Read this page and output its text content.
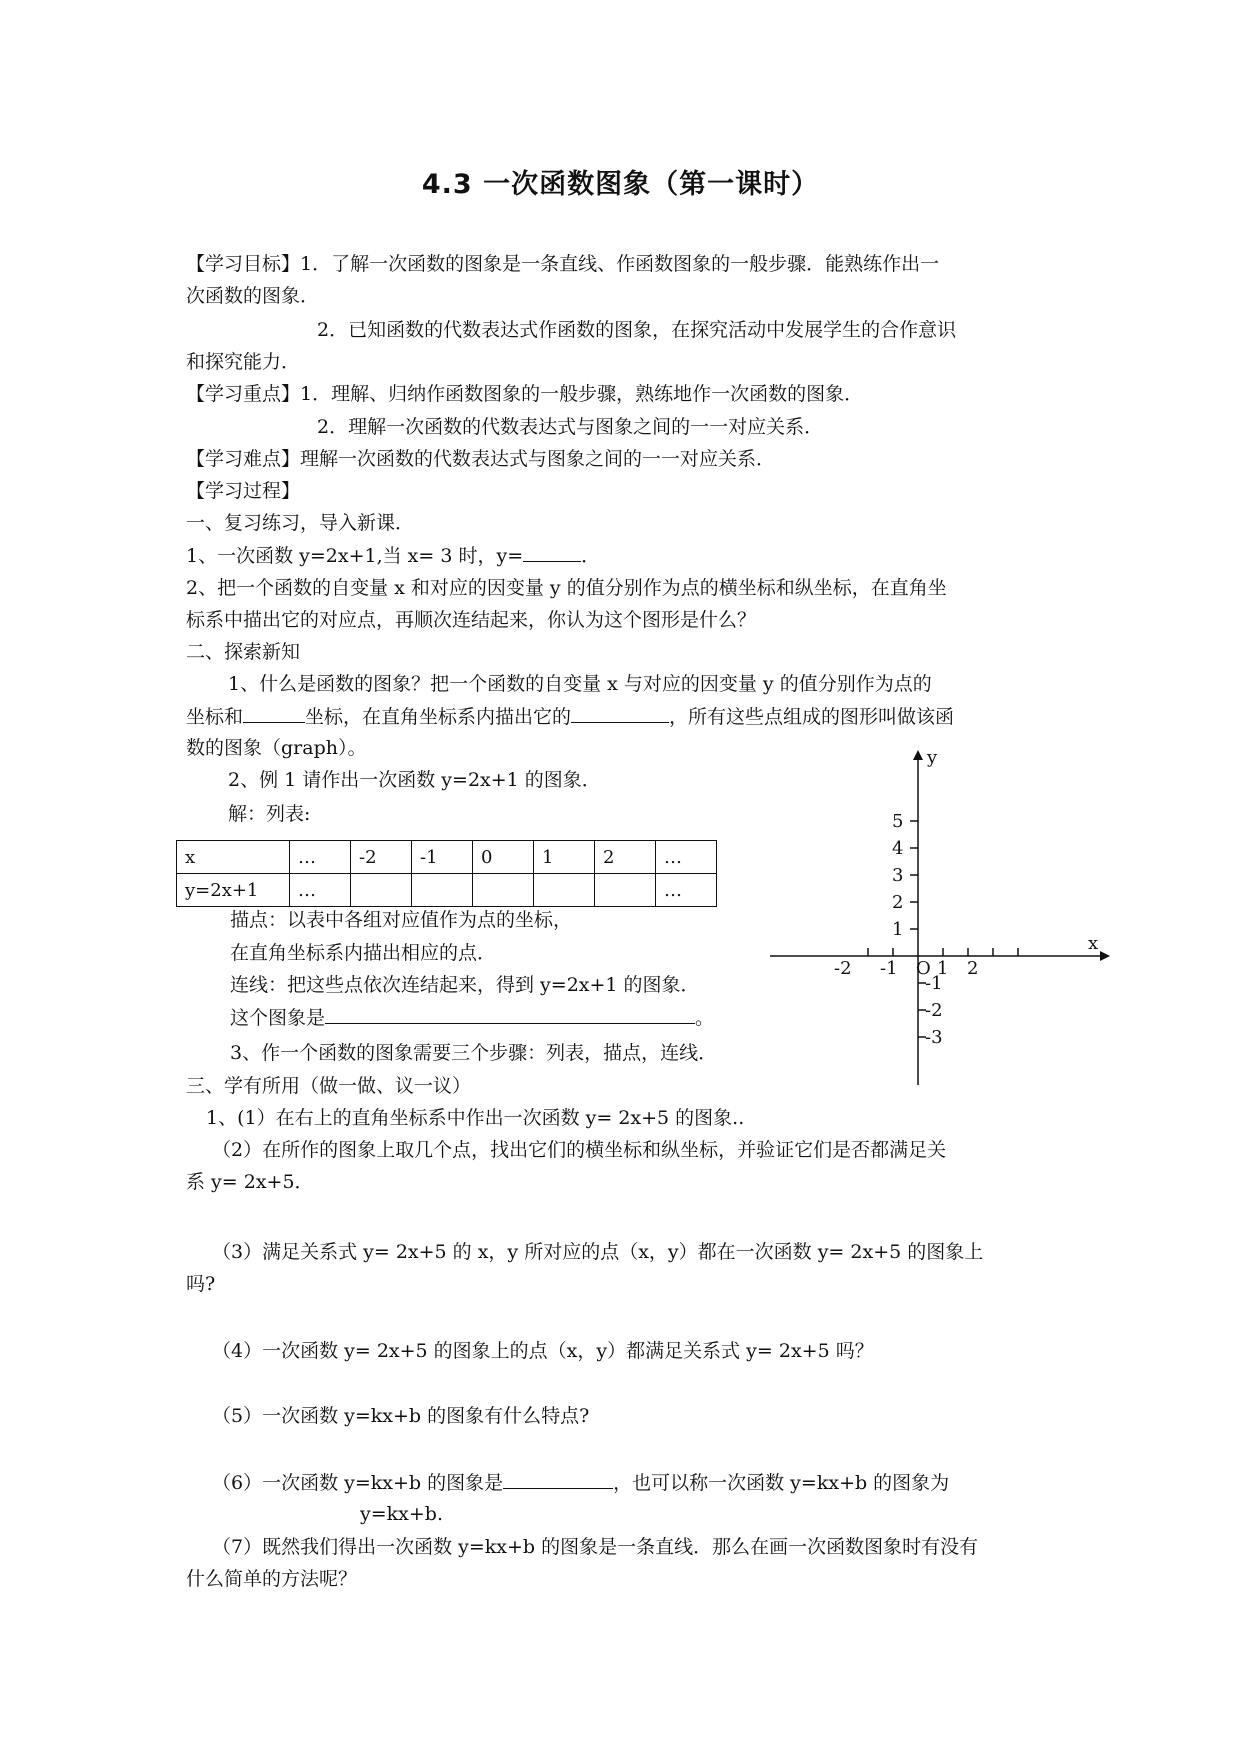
4.3 一次函数图象（第一课时）
【学习目标】1．了解一次函数的图象是一条直线、作函数图象的一般步骤．能熟练作出一
次函数的图象．
2．已知函数的代数表达式作函数的图象，在探究活动中发展学生的合作意识
和探究能力．
【学习重点】1．理解、归纳作函数图象的一般步骤，熟练地作一次函数的图象．
2．理解一次函数的代数表达式与图象之间的一一对应关系．
【学习难点】理解一次函数的代数表达式与图象之间的一一对应关系．
【学习过程】
一、复习练习，导入新课．
1、一次函数 y=2x+1,当 x= 3 时，y=	．
2、把一个函数的自变量 x 和对应的因变量 y 的值分别作为点的横坐标和纵坐标，在直角坐
标系中描出它的对应点，再顺次连结起来，你认为这个图形是什么？
二、探索新知
1、什么是函数的图象？把一个函数的自变量 x 与对应的因变量 y 的值分别作为点的
坐标和	坐标，在直角坐标系内描出它的	，所有这些点组成的图形叫做该函
数的图象（graph）。
2、例 1 请作出一次函数 y=2x+1 的图象．
解：列表:
x	…	-2	-1	0	1	2	…
y=2x+1	…						…
描点：以表中各组对应值作为点的坐标，
在直角坐标系内描出相应的点．
连线：把这些点依次连结起来，得到 y=2x+1 的图象．
这个图象是	。
3、作一个函数的图象需要三个步骤：列表，描点，连线．
x
y
O
5
4
3
2
1
-1
-2
-3
-2 -1 1 2
三、学有所用（做一做、议一议）
1、(1）在右上的直角坐标系中作出一次函数 y= 2x+5 的图象..
（2）在所作的图象上取几个点，找出它们的横坐标和纵坐标，并验证它们是否都满足关
系 y= 2x+5．
（3）满足关系式 y= 2x+5 的 x，y 所对应的点（x，y）都在一次函数 y= 2x+5 的图象上
吗?
（4）一次函数 y= 2x+5 的图象上的点（x，y）都满足关系式 y= 2x+5 吗？
（5）一次函数 y=kx+b 的图象有什么特点?
（6）一次函数 y=kx+b 的图象是	，也可以称一次函数 y=kx+b 的图象为
y=kx+b.
（7）既然我们得出一次函数 y=kx+b 的图象是一条直线．那么在画一次函数图象时有没有
什么简单的方法呢？
